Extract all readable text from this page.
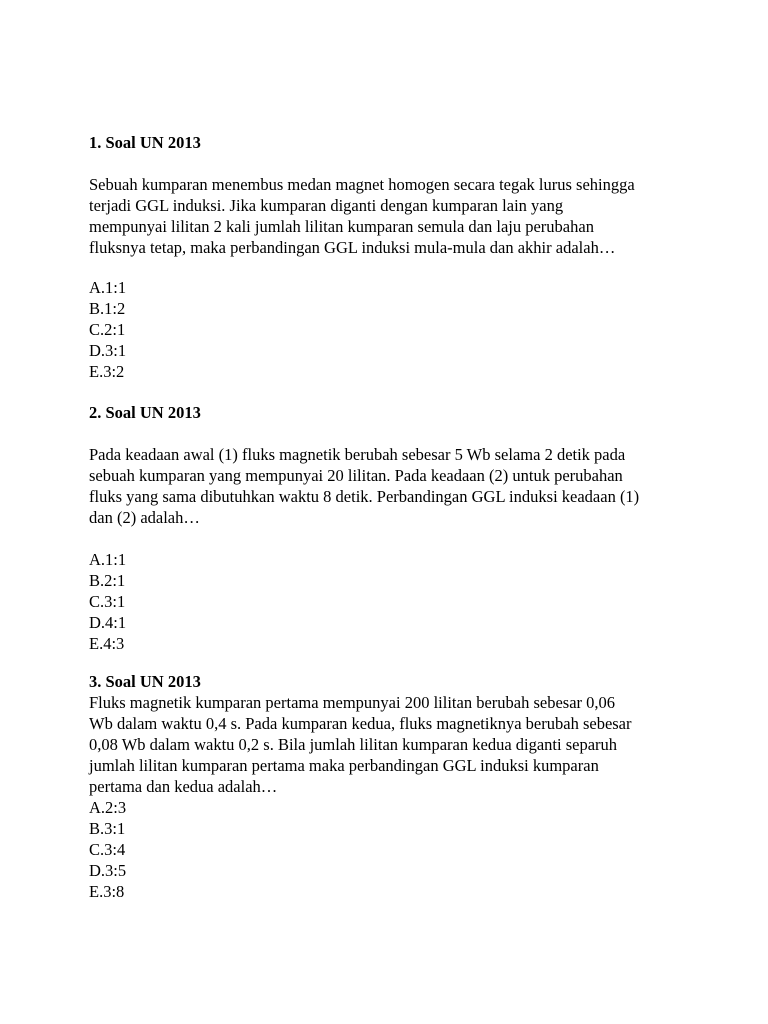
1. Soal UN 2013
Sebuah kumparan menembus medan magnet homogen secara tegak lurus sehingga
terjadi GGL induksi. Jika kumparan diganti dengan kumparan lain yang
mempunyai lilitan 2 kali jumlah lilitan kumparan semula dan laju perubahan
fluksnya tetap, maka perbandingan GGL induksi mula-mula dan akhir adalah…
A.1:1
B.1:2
C.2:1
D.3:1
E.3:2
2. Soal UN 2013
Pada keadaan awal (1) fluks magnetik berubah sebesar 5 Wb selama 2 detik pada
sebuah kumparan yang mempunyai 20 lilitan. Pada keadaan (2) untuk perubahan
fluks yang sama dibutuhkan waktu 8 detik. Perbandingan GGL induksi keadaan (1)
dan (2) adalah…
A.1:1
B.2:1
C.3:1
D.4:1
E.4:3
3. Soal UN 2013
Fluks magnetik kumparan pertama mempunyai 200 lilitan berubah sebesar 0,06
Wb dalam waktu 0,4 s. Pada kumparan kedua, fluks magnetiknya berubah sebesar
0,08 Wb dalam waktu 0,2 s. Bila jumlah lilitan kumparan kedua diganti separuh
jumlah lilitan kumparan pertama maka perbandingan GGL induksi kumparan
pertama dan kedua adalah…
A.2:3
B.3:1
C.3:4
D.3:5
E.3:8
